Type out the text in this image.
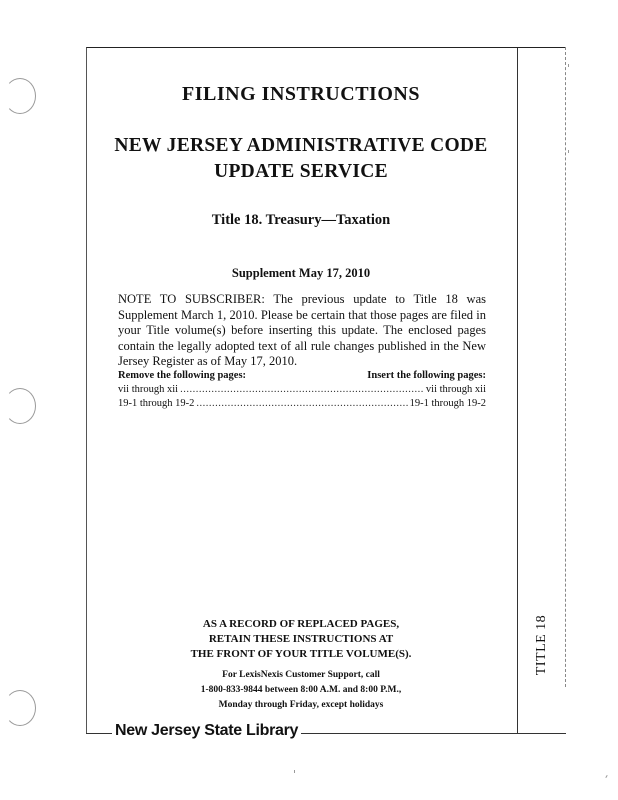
FILING INSTRUCTIONS
NEW JERSEY ADMINISTRATIVE CODE
UPDATE SERVICE
Title 18. Treasury—Taxation
Supplement May 17, 2010
NOTE TO SUBSCRIBER: The previous update to Title 18 was Supplement March 1, 2010. Please be certain that those pages are filed in your Title volume(s) before inserting this update. The enclosed pages contain the legally adopted text of all rule changes published in the New Jersey Register as of May 17, 2010.
Remove the following pages:	Insert the following pages:
vii through xii .....	vii through xii
19-1 through 19-2 .....	19-1 through 19-2
AS A RECORD OF REPLACED PAGES,
RETAIN THESE INSTRUCTIONS AT
THE FRONT OF YOUR TITLE VOLUME(S).
For LexisNexis Customer Support, call
1-800-833-9844 between 8:00 A.M. and 8:00 P.M.,
Monday through Friday, except holidays
TITLE 18
New Jersey State Library
